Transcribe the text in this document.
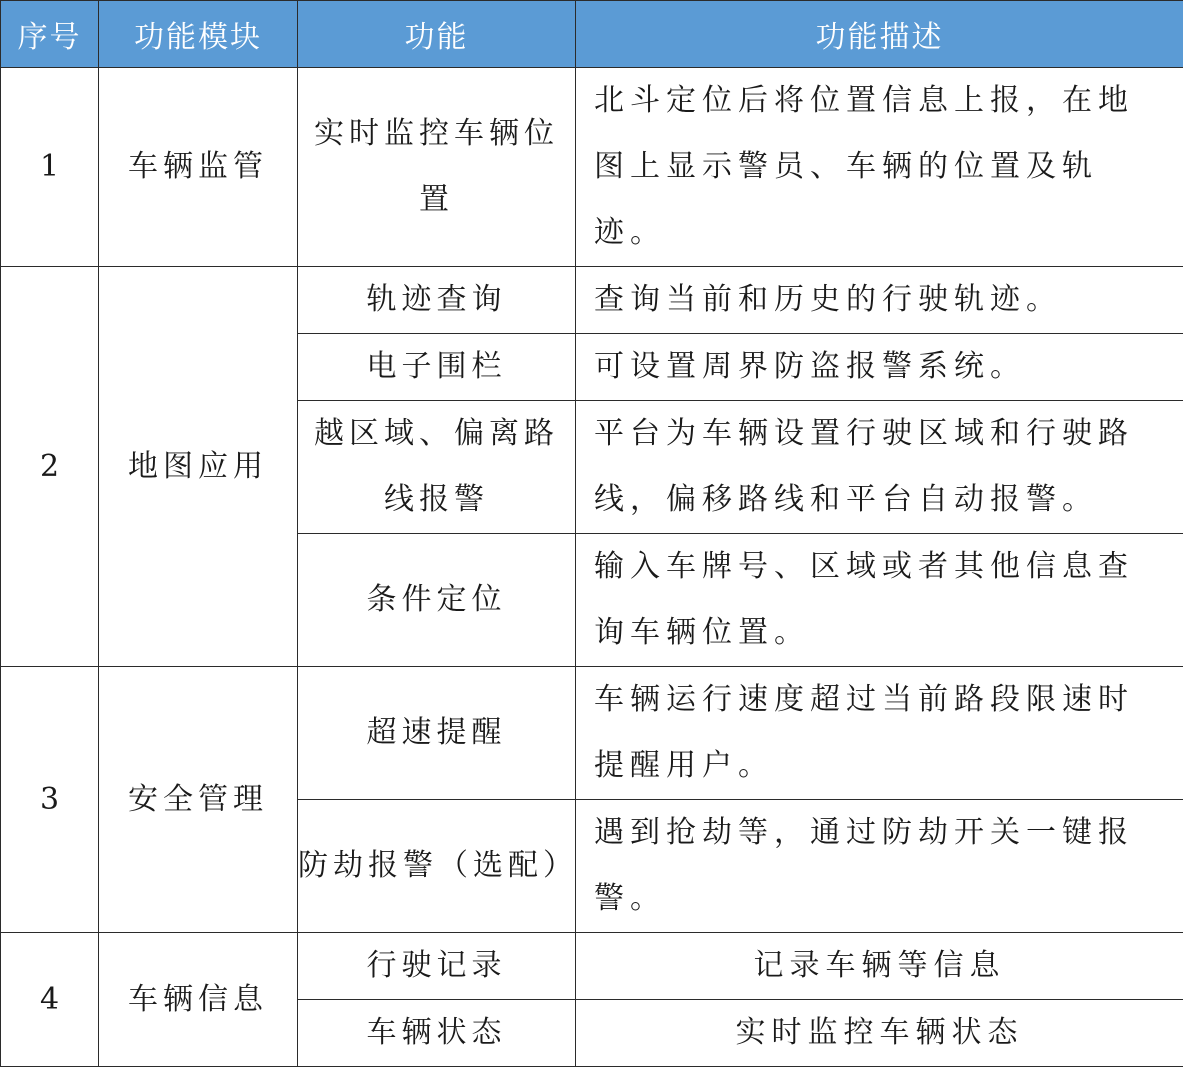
序号	功能模块	功能	功能描述
1	车辆监管	实时监控车辆位置	北斗定位后将位置信息上报，在地图上显示警员、车辆的位置及轨迹。
2	地图应用	轨迹查询	查询当前和历史的行驶轨迹。
		电子围栏	可设置周界防盗报警系统。
		越区域、偏离路线报警	平台为车辆设置行驶区域和行驶路线，偏移路线和平台自动报警。
		条件定位	输入车牌号、区域或者其他信息查询车辆位置。
3	安全管理	超速提醒	车辆运行速度超过当前路段限速时提醒用户。
		防劫报警（选配）	遇到抢劫等，通过防劫开关一键报警。
4	车辆信息	行驶记录	记录车辆等信息
		车辆状态	实时监控车辆状态
